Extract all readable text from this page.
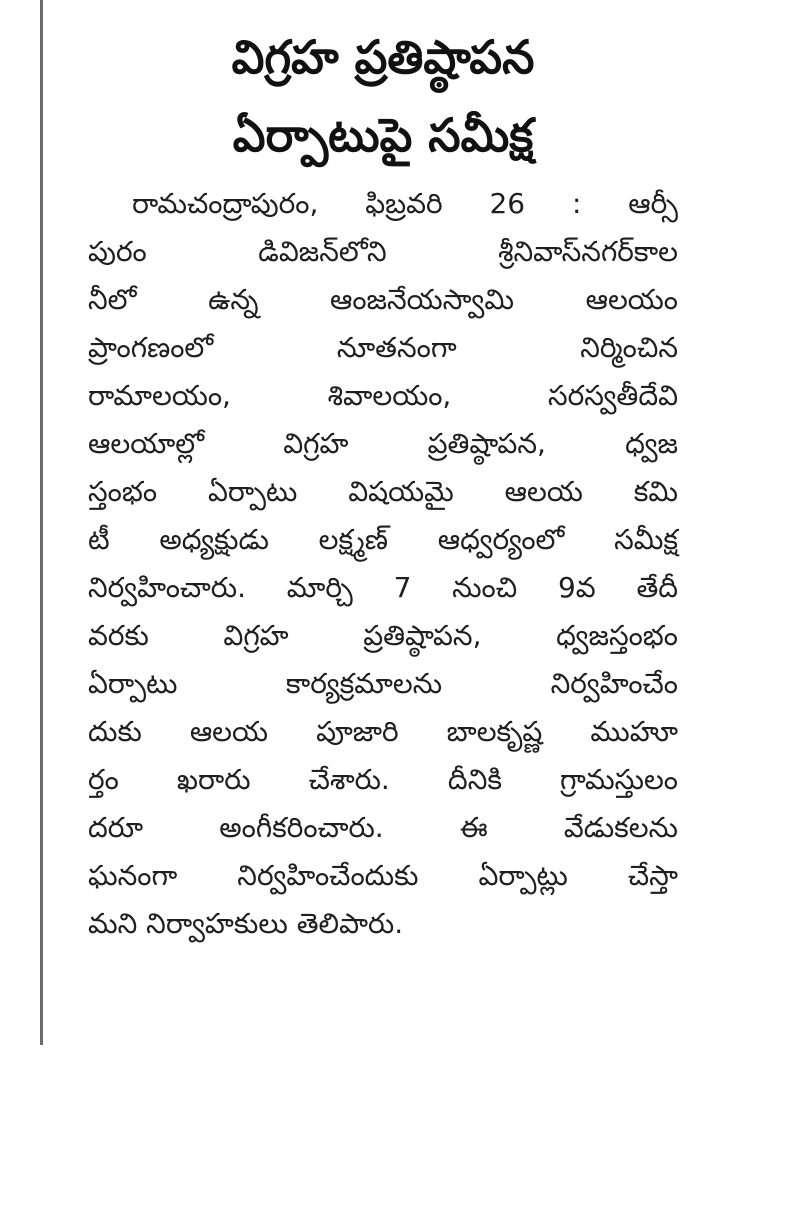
విగ్రహ ప్రతిష్ఠాపన
ఏర్పాటుపై సమీక్ష
రామచంద్రాపురం, ఫిబ్రవరి 26 : ఆర్సీ
పురం డివిజన్‌లోని శ్రీనివాస్‌నగర్‌కాల
నీలో ఉన్న ఆంజనేయస్వామి ఆలయం
ప్రాంగణంలో నూతనంగా నిర్మించిన
రామాలయం, శివాలయం, సరస్వతీదేవి
ఆలయాల్లో విగ్రహ ప్రతిష్ఠాపన, ధ్వజ
స్తంభం ఏర్పాటు విషయమై ఆలయ కమి
టీ అధ్యక్షుడు లక్ష్మణ్ ఆధ్వర్యంలో సమీక్ష
నిర్వహించారు. మార్చి 7 నుంచి 9వ తేదీ
వరకు విగ్రహ ప్రతిష్ఠాపన, ధ్వజస్తంభం
ఏర్పాటు కార్యక్రమాలను నిర్వహించేం
దుకు ఆలయ పూజారి బాలకృష్ణ ముహూ
ర్తం ఖరారు చేశారు. దీనికి గ్రామస్తులం
దరూ అంగీకరించారు. ఈ వేడుకలను
ఘనంగా నిర్వహించేందుకు ఏర్పాట్లు చేస్తా
మని నిర్వాహకులు తెలిపారు.
